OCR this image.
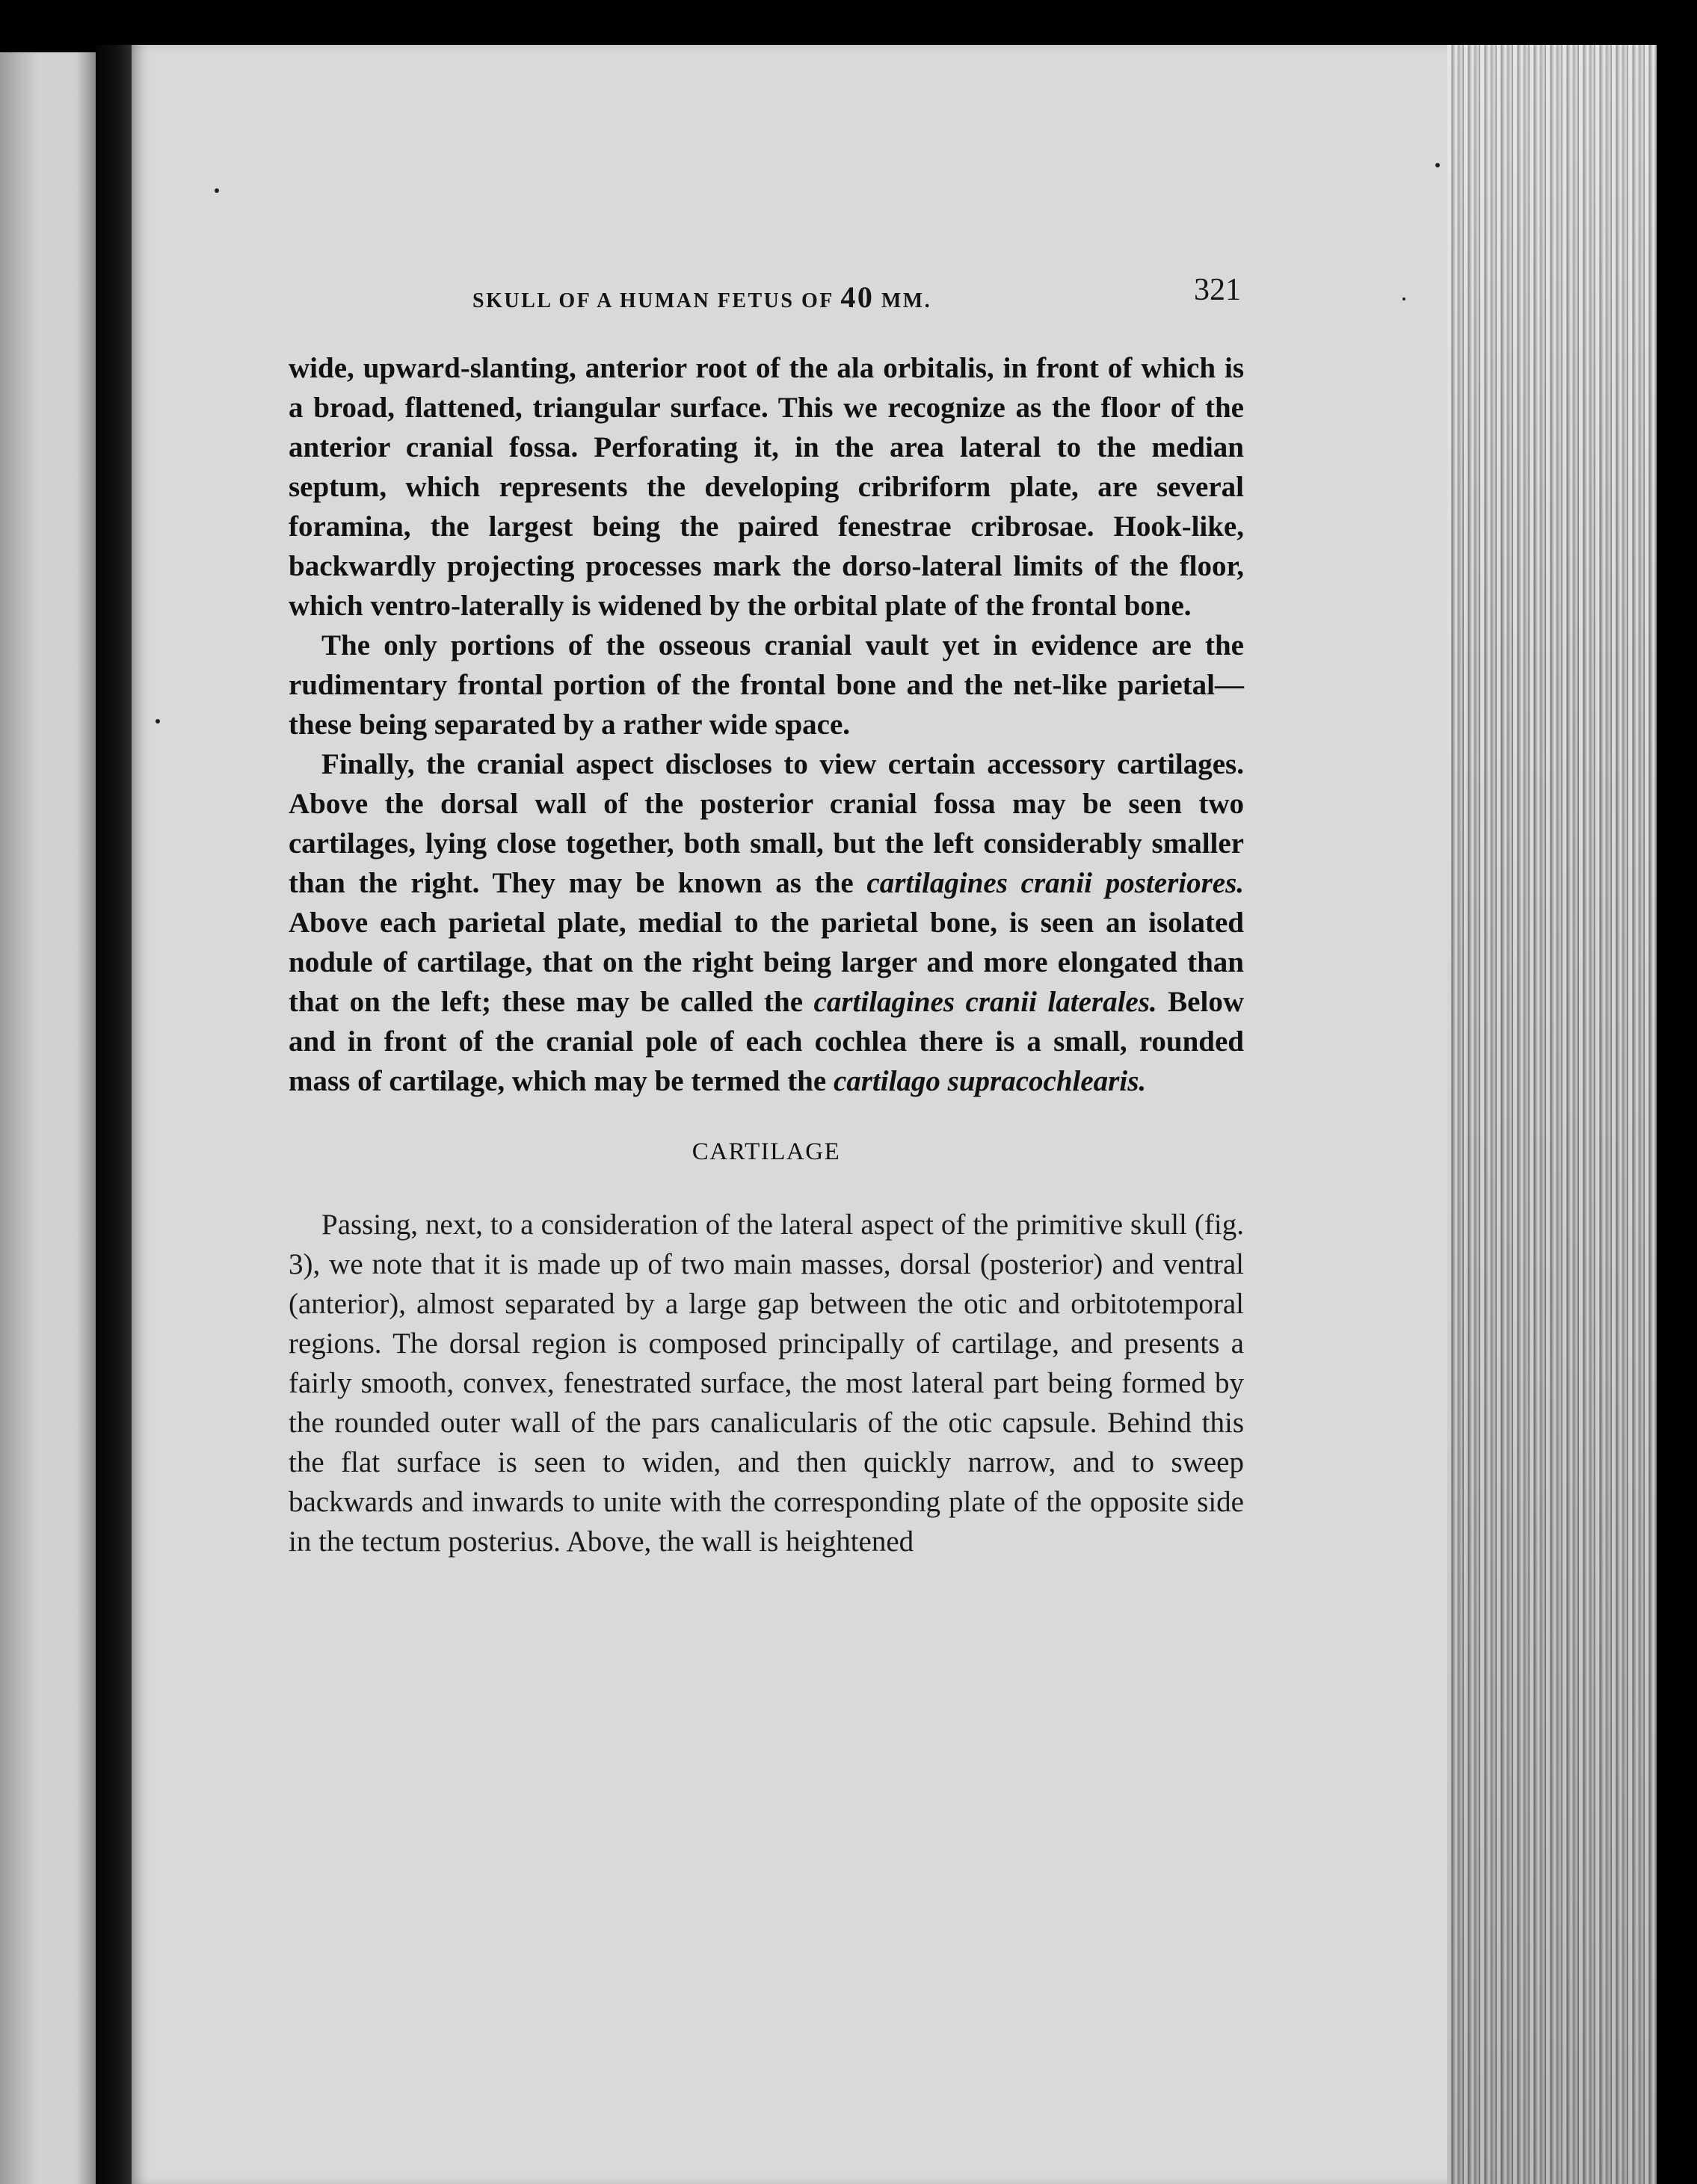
SKULL OF A HUMAN FETUS OF 40 MM.	321

wide, upward-slanting, anterior root of the ala orbitalis, in front of which is a broad, flattened, triangular surface. This we recognize as the floor of the anterior cranial fossa. Perforating it, in the area lateral to the median septum, which represents the developing cribriform plate, are several foramina, the largest being the paired fenestrae cribrosae. Hook-like, backwardly projecting processes mark the dorso-lateral limits of the floor, which ventro-laterally is widened by the orbital plate of the frontal bone.

The only portions of the osseous cranial vault yet in evidence are the rudimentary frontal portion of the frontal bone and the net-like parietal—these being separated by a rather wide space.

Finally, the cranial aspect discloses to view certain accessory cartilages. Above the dorsal wall of the posterior cranial fossa may be seen two cartilages, lying close together, both small, but the left considerably smaller than the right. They may be known as the cartilagines cranii posteriores. Above each parietal plate, medial to the parietal bone, is seen an isolated nodule of cartilage, that on the right being larger and more elongated than that on the left; these may be called the cartilagines cranii laterales. Below and in front of the cranial pole of each cochlea there is a small, rounded mass of cartilage, which may be termed the cartilago supracochlearis.

CARTILAGE

Passing, next, to a consideration of the lateral aspect of the primitive skull (fig. 3), we note that it is made up of two main masses, dorsal (posterior) and ventral (anterior), almost separated by a large gap between the otic and orbitotemporal regions. The dorsal region is composed principally of cartilage, and presents a fairly smooth, convex, fenestrated surface, the most lateral part being formed by the rounded outer wall of the pars canalicularis of the otic capsule. Behind this the flat surface is seen to widen, and then quickly narrow, and to sweep backwards and inwards to unite with the corresponding plate of the opposite side in the tectum posterius. Above, the wall is heightened
